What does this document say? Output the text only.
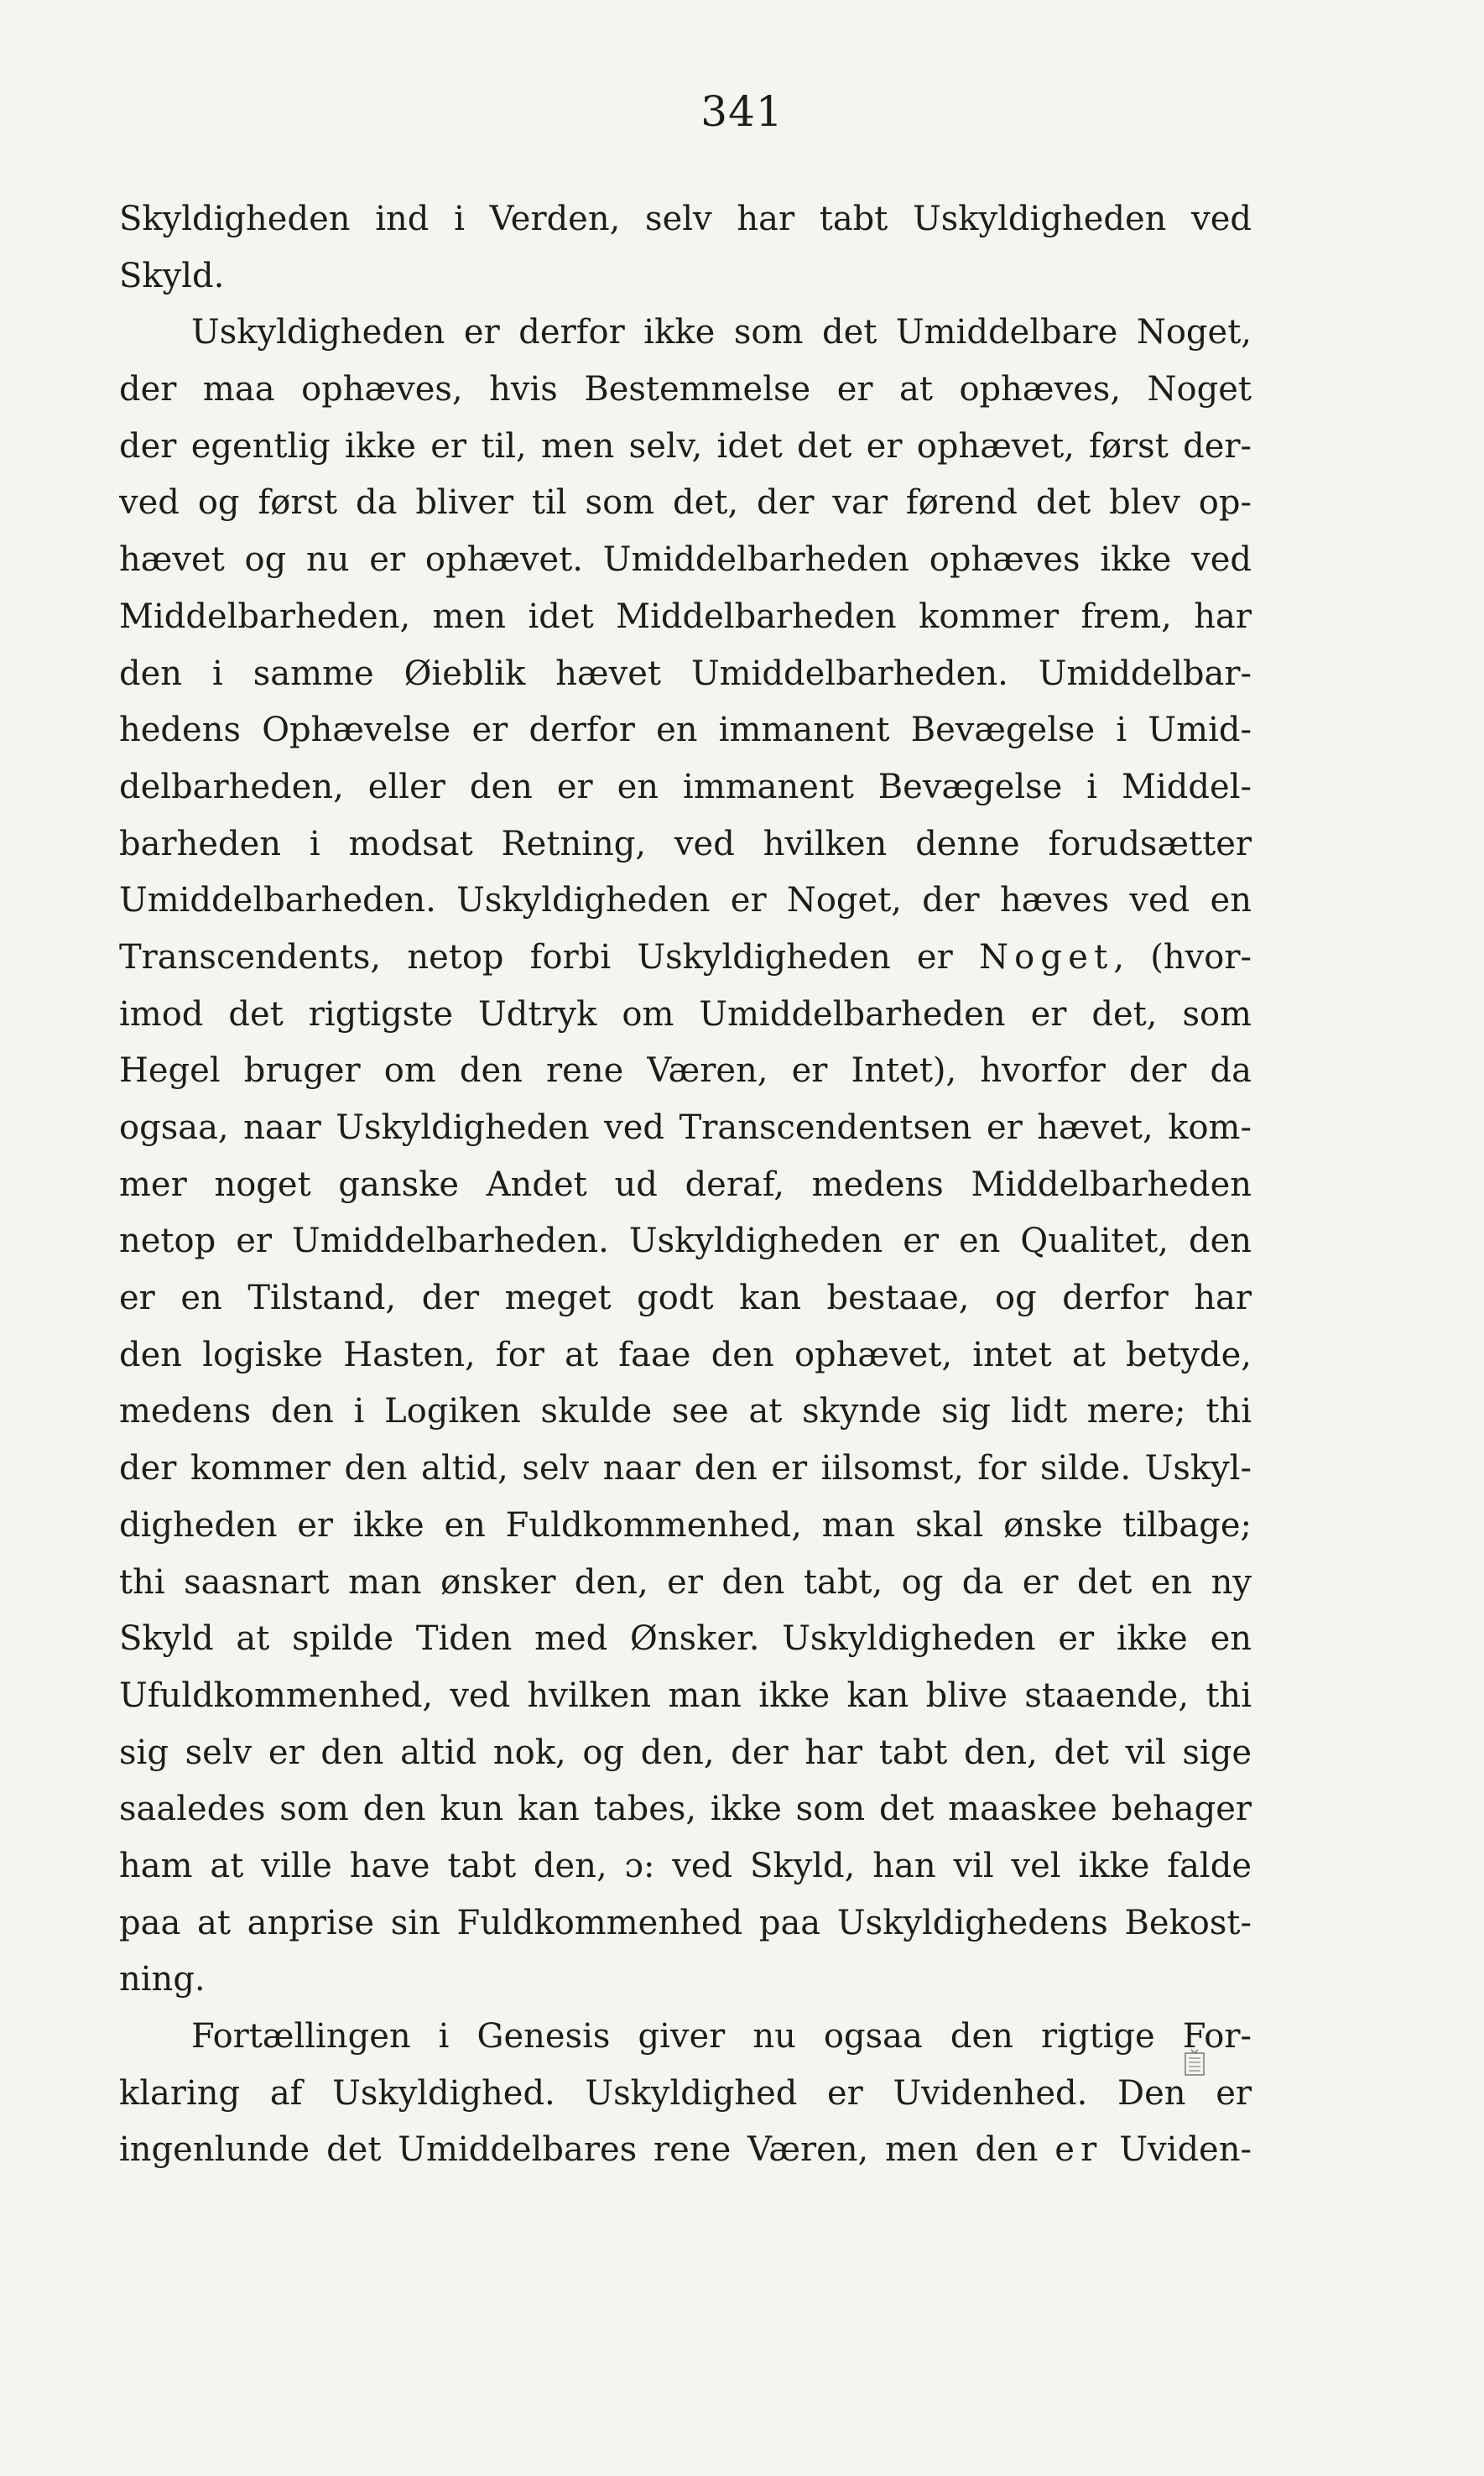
341
Skyldigheden ind i Verden, selv har tabt Uskyldigheden ved
Skyld.
Uskyldigheden er derfor ikke som det Umiddelbare Noget,
der maa ophæves, hvis Bestemmelse er at ophæves, Noget
der egentlig ikke er til, men selv, idet det er ophævet, først der-
ved og først da bliver til som det, der var førend det blev op-
hævet og nu er ophævet. Umiddelbarheden ophæves ikke ved
Middelbarheden, men idet Middelbarheden kommer frem, har
den i samme Øieblik hævet Umiddelbarheden. Umiddelbar-
hedens Ophævelse er derfor en immanent Bevægelse i Umid-
delbarheden, eller den er en immanent Bevægelse i Middel-
barheden i modsat Retning, ved hvilken denne forudsætter
Umiddelbarheden. Uskyldigheden er Noget, der hæves ved en
Transcendents, netop forbi Uskyldigheden er Noget, (hvor-
imod det rigtigste Udtryk om Umiddelbarheden er det, som
Hegel bruger om den rene Væren, er Intet), hvorfor der da
ogsaa, naar Uskyldigheden ved Transcendentsen er hævet, kom-
mer noget ganske Andet ud deraf, medens Middelbarheden
netop er Umiddelbarheden. Uskyldigheden er en Qualitet, den
er en Tilstand, der meget godt kan bestaae, og derfor har
den logiske Hasten, for at faae den ophævet, intet at betyde,
medens den i Logiken skulde see at skynde sig lidt mere; thi
der kommer den altid, selv naar den er iilsomst, for silde. Uskyl-
digheden er ikke en Fuldkommenhed, man skal ønske tilbage;
thi saasnart man ønsker den, er den tabt, og da er det en ny
Skyld at spilde Tiden med Ønsker. Uskyldigheden er ikke en
Ufuldkommenhed, ved hvilken man ikke kan blive staaende, thi
sig selv er den altid nok, og den, der har tabt den, det vil sige
saaledes som den kun kan tabes, ikke som det maaskee behager
ham at ville have tabt den, ɔ: ved Skyld, han vil vel ikke falde
paa at anprise sin Fuldkommenhed paa Uskyldighedens Bekost-
ning.
Fortællingen i Genesis giver nu ogsaa den rigtige For-
klaring af Uskyldighed. Uskyldighed er Uvidenhed. Den er
ingenlunde det Umiddelbares rene Væren, men den er Uviden-
